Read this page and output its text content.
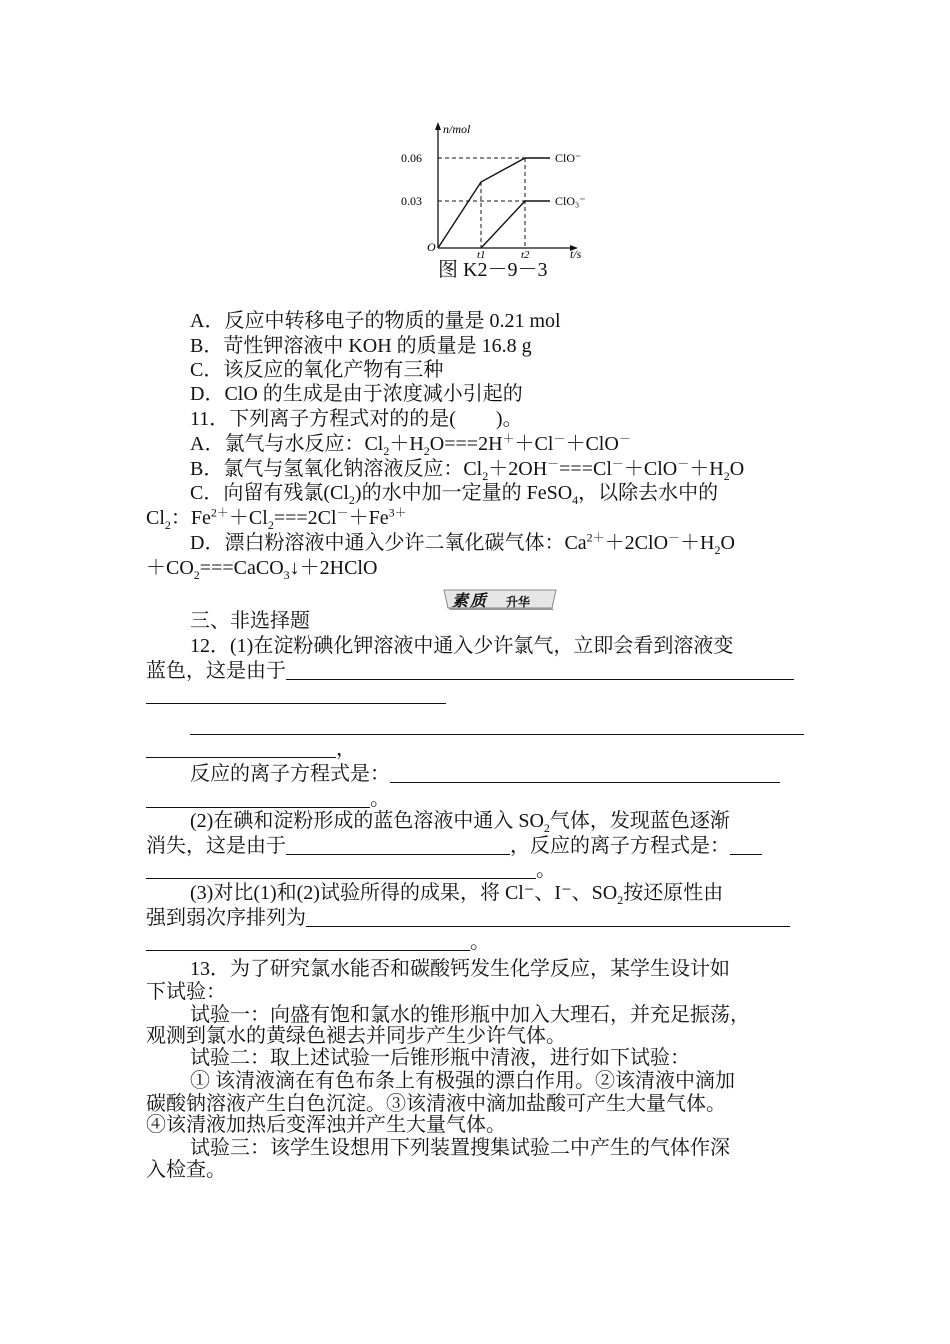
n/mol
0.06
0.03
O
t1	t2	t/s
ClO⁻
ClO₃⁻
图 K2－9－3
A．反应中转移电子的物质的量是 0.21 mol
B．苛性钾溶液中 KOH 的质量是 16.8 g
C．该反应的氧化产物有三种
D．ClO 的生成是由于浓度减小引起的
11．下列离子方程式对的的是(　　)。
A．氯气与水反应：$Cl_2+H_2O===2H^++Cl^-+ClO^-$
B．氯气与氢氧化钠溶液反应：$Cl_2+2OH^-===Cl^-+ClO^-+H_2O$
C．向留有残氯$(Cl_2)$的水中加一定量的 FeSO$_4$，以除去水中的
$Cl_2$：$Fe^{2+}+Cl_2===2Cl^-+Fe^{3+}$
D．漂白粉溶液中通入少许二氧化碳气体：$Ca^{2+}+2ClO^-+H_2O$
$+CO_2===CaCO_3↓+2HClO$
素质 升华
三、非选择题
12．(1)在淀粉碘化钾溶液中通入少许氯气，立即会看到溶液变
蓝色，这是由于
，
反应的离子方程式是：
。
(2)在碘和淀粉形成的蓝色溶液中通入 $SO_2$气体，发现蓝色逐渐
消失，这是由于	，反应的离子方程式是：
。
(3)对比(1)和(2)试验所得的成果，将 Cl⁻、I⁻、$SO_2$按还原性由
强到弱次序排列为
。
13．为了研究氯水能否和碳酸钙发生化学反应，某学生设计如
下试验：
试验一：向盛有饱和氯水的锥形瓶中加入大理石，并充足振荡，
观测到氯水的黄绿色褪去并同步产生少许气体。
试验二：取上述试验一后锥形瓶中清液，进行如下试验：
① 该清液滴在有色布条上有极强的漂白作用。②该清液中滴加
碳酸钠溶液产生白色沉淀。③该清液中滴加盐酸可产生大量气体。
④该清液加热后变浑浊并产生大量气体。
试验三：该学生设想用下列装置搜集试验二中产生的气体作深
入检查。
